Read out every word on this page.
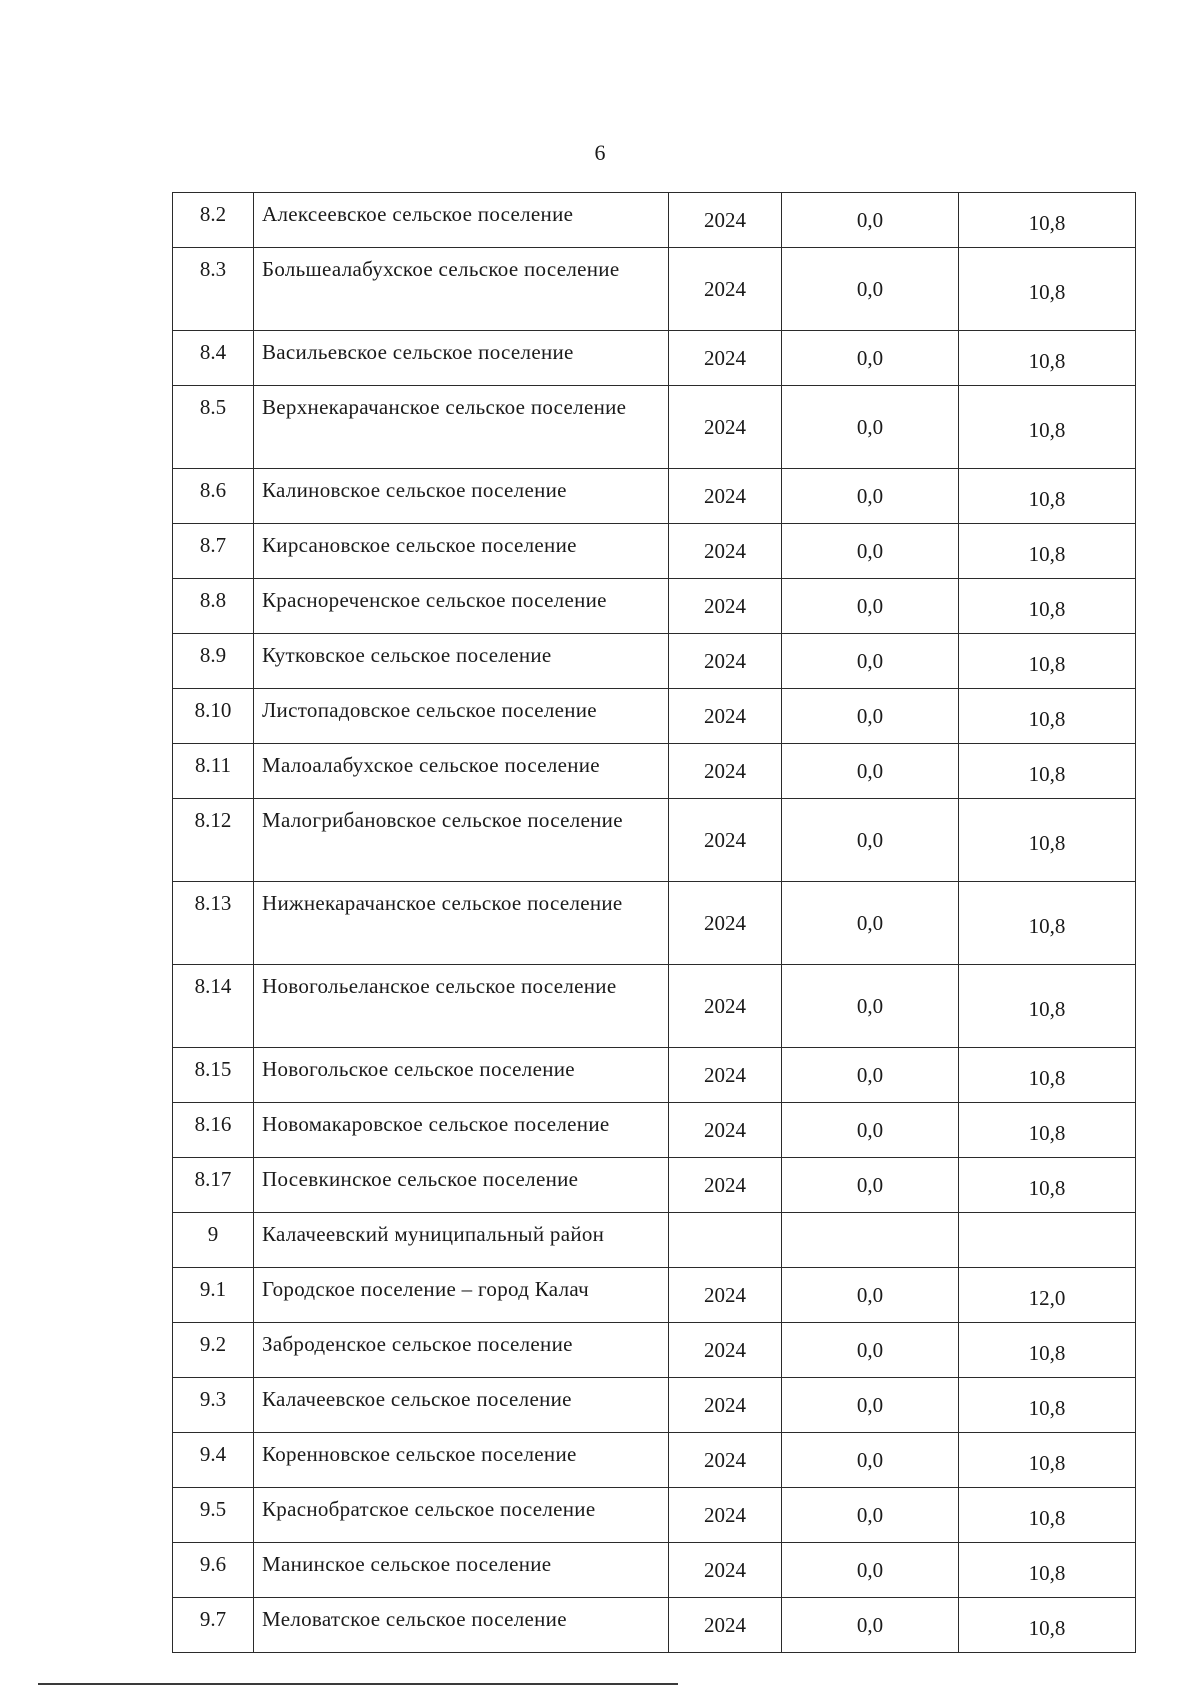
6
8.2	Алексеевское сельское поселение	2024	0,0	10,8
8.3	Большеалабухское сельское поселение	2024	0,0	10,8
8.4	Васильевское сельское поселение	2024	0,0	10,8
8.5	Верхнекарачанское сельское поселение	2024	0,0	10,8
8.6	Калиновское сельское поселение	2024	0,0	10,8
8.7	Кирсановское сельское поселение	2024	0,0	10,8
8.8	Краснореченское сельское поселение	2024	0,0	10,8
8.9	Кутковское сельское поселение	2024	0,0	10,8
8.10	Листопадовское сельское поселение	2024	0,0	10,8
8.11	Малоалабухское сельское поселение	2024	0,0	10,8
8.12	Малогрибановское сельское поселение	2024	0,0	10,8
8.13	Нижнекарачанское сельское поселение	2024	0,0	10,8
8.14	Новогольеланское сельское поселение	2024	0,0	10,8
8.15	Новогольское сельское поселение	2024	0,0	10,8
8.16	Новомакаровское сельское поселение	2024	0,0	10,8
8.17	Посевкинское сельское поселение	2024	0,0	10,8
9	Калачеевский муниципальный район			
9.1	Городское поселение – город Калач	2024	0,0	12,0
9.2	Заброденское сельское поселение	2024	0,0	10,8
9.3	Калачеевское сельское поселение	2024	0,0	10,8
9.4	Коренновское сельское поселение	2024	0,0	10,8
9.5	Краснобратское сельское поселение	2024	0,0	10,8
9.6	Манинское сельское поселение	2024	0,0	10,8
9.7	Меловатское сельское поселение	2024	0,0	10,8
